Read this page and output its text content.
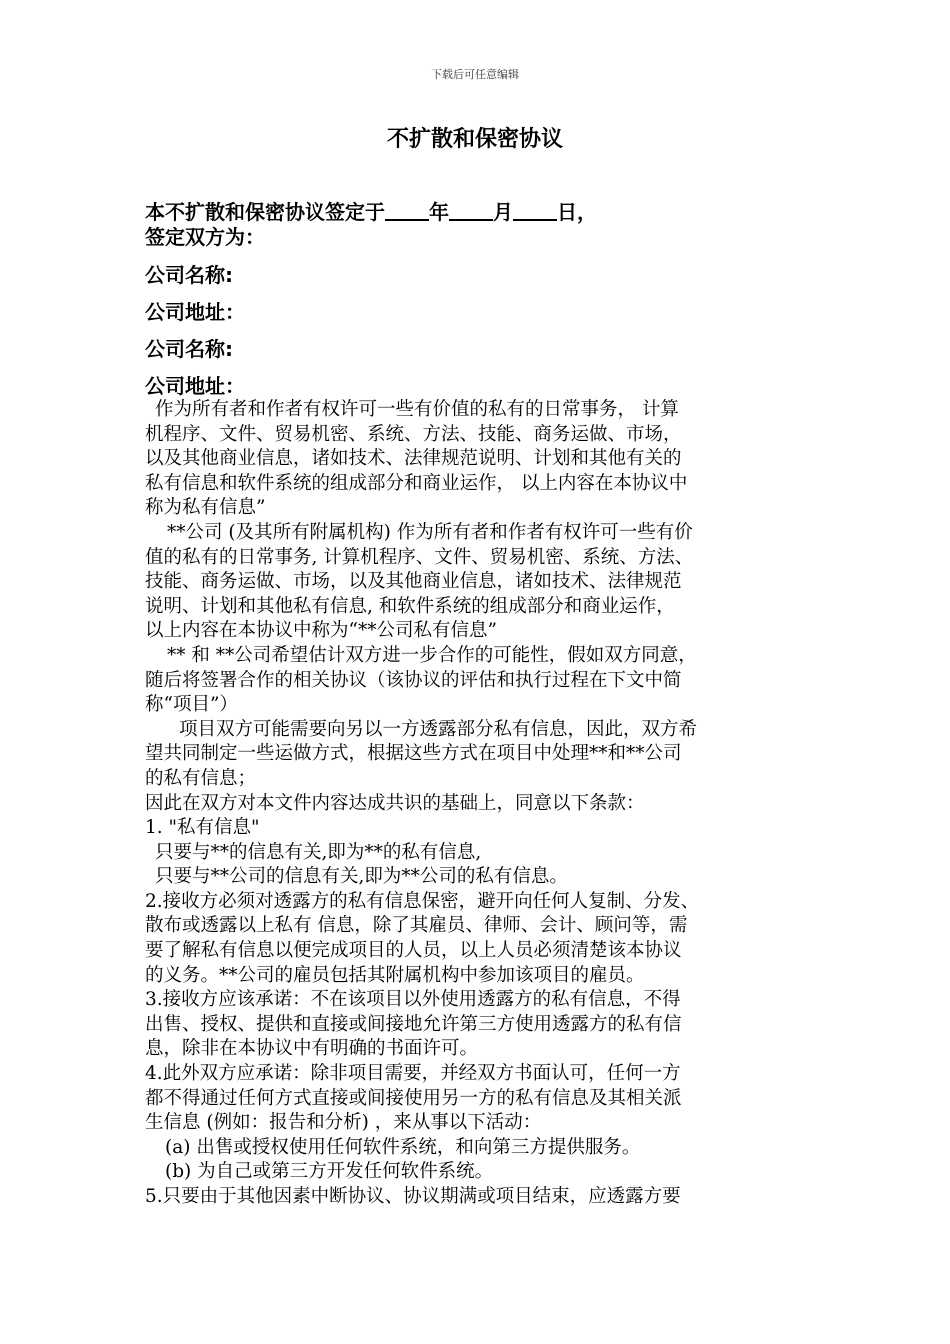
下载后可任意编辑
不扩散和保密协议
本不扩散和保密协议签定于 年 月 日，
签定双方为：
公司名称:
公司地址：
公司名称:
公司地址：

作为所有者和作者有权许可一些有价值的私有的日常事务， 计算

机程序、文件、贸易机密、系统、方法、技能、商务运做、市场，

以及其他商业信息，诸如技术、法律规范说明、计划和其他有关的

私有信息和软件系统的组成部分和商业运作， 以上内容在本协议中

称为私有信息”

**公司 (及其所有附属机构) 作为所有者和作者有权许可一些有价

值的私有的日常事务, 计算机程序、文件、贸易机密、系统、方法、

技能、商务运做、市场，以及其他商业信息，诸如技术、法律规范

说明、计划和其他私有信息, 和软件系统的组成部分和商业运作，

以上内容在本协议中称为“**公司私有信息”

** 和 **公司希望估计双方进一步合作的可能性，假如双方同意，

随后将签署合作的相关协议（该协议的评估和执行过程在下文中简

称“项目”）

项目双方可能需要向另以一方透露部分私有信息，因此，双方希

望共同制定一些运做方式，根据这些方式在项目中处理**和**公司

的私有信息；

因此在双方对本文件内容达成共识的基础上，同意以下条款：

1. "私有信息"

只要与**的信息有关,即为**的私有信息,

只要与**公司的信息有关,即为**公司的私有信息。

2.接收方必须对透露方的私有信息保密，避开向任何人复制、分发、

散布或透露以上私有 信息，除了其雇员、律师、会计、顾问等，需

要了解私有信息以便完成项目的人员，以上人员必须清楚该本协议

的义务。**公司的雇员包括其附属机构中参加该项目的雇员。

3.接收方应该承诺：不在该项目以外使用透露方的私有信息，不得

出售、授权、提供和直接或间接地允许第三方使用透露方的私有信

息，除非在本协议中有明确的书面许可。

4.此外双方应承诺：除非项目需要，并经双方书面认可，任何一方

都不得通过任何方式直接或间接使用另一方的私有信息及其相关派

生信息 (例如：报告和分析) ，来从事以下活动：

(a) 出售或授权使用任何软件系统，和向第三方提供服务。

(b) 为自己或第三方开发任何软件系统。

5.只要由于其他因素中断协议、协议期满或项目结束，应透露方要
